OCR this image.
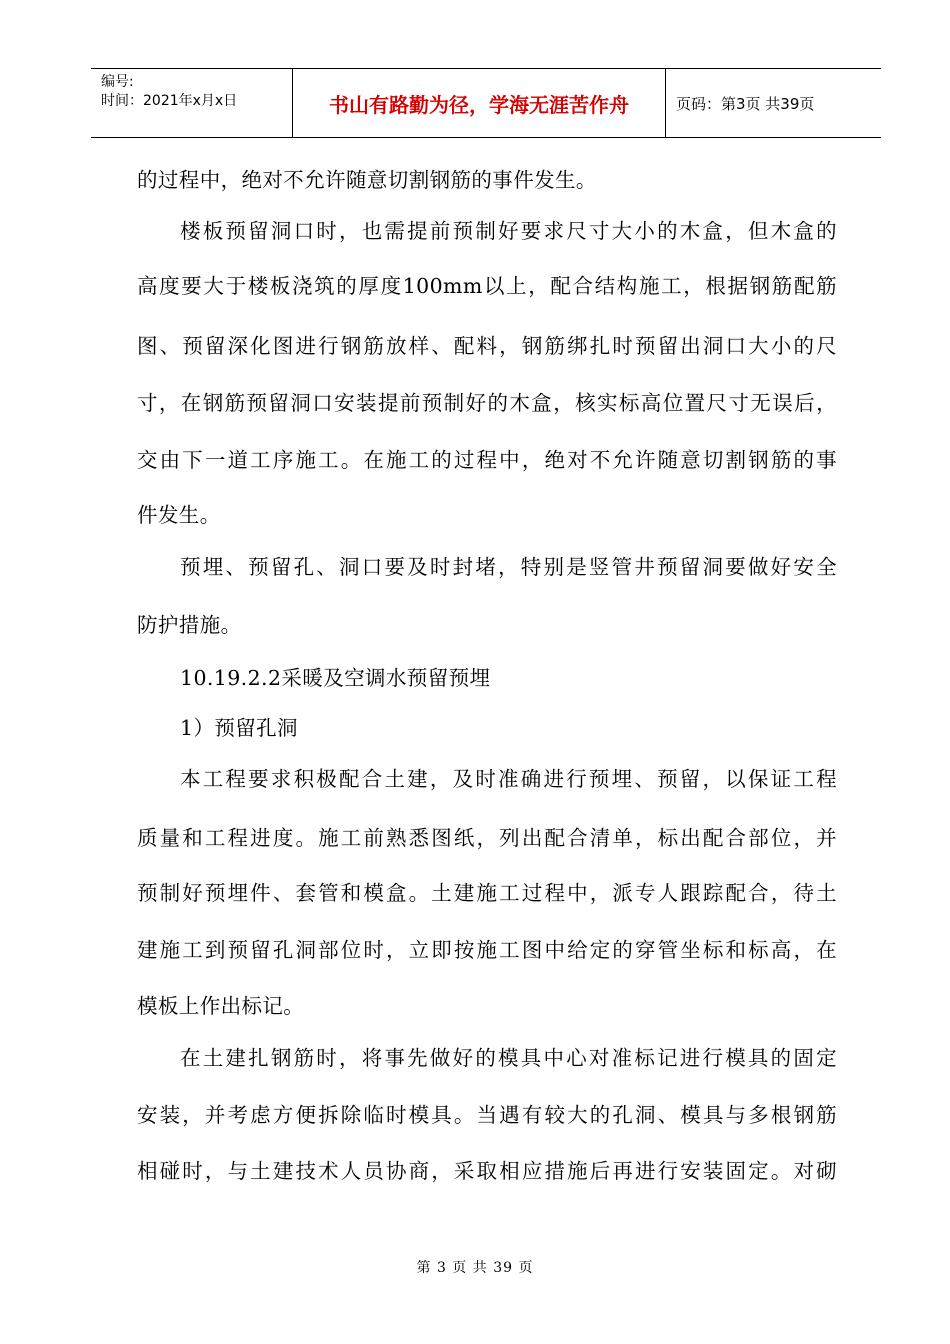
编号:
时间：2021年x月x日	书山有路勤为径，学海无涯苦作舟	页码：第3页 共39页
的过程中，绝对不允许随意切割钢筋的事件发生。
楼板预留洞口时，也需提前预制好要求尺寸大小的木盒，但木盒的
高度要大于楼板浇筑的厚度100mm以上，配合结构施工，根据钢筋配筋
图、预留深化图进行钢筋放样、配料，钢筋绑扎时预留出洞口大小的尺
寸，在钢筋预留洞口安装提前预制好的木盒，核实标高位置尺寸无误后，
交由下一道工序施工。在施工的过程中，绝对不允许随意切割钢筋的事
件发生。
预埋、预留孔、洞口要及时封堵，特别是竖管井预留洞要做好安全
防护措施。
10.19.2.2采暖及空调水预留预埋
1）预留孔洞
本工程要求积极配合土建，及时准确进行预埋、预留，以保证工程
质量和工程进度。施工前熟悉图纸，列出配合清单，标出配合部位，并
预制好预埋件、套管和模盒。土建施工过程中，派专人跟踪配合，待土
建施工到预留孔洞部位时，立即按施工图中给定的穿管坐标和标高，在
模板上作出标记。
在土建扎钢筋时，将事先做好的模具中心对准标记进行模具的固定
安装，并考虑方便拆除临时模具。当遇有较大的孔洞、模具与多根钢筋
相碰时，与土建技术人员协商，采取相应措施后再进行安装固定。对砌
第 3 页 共 39 页
